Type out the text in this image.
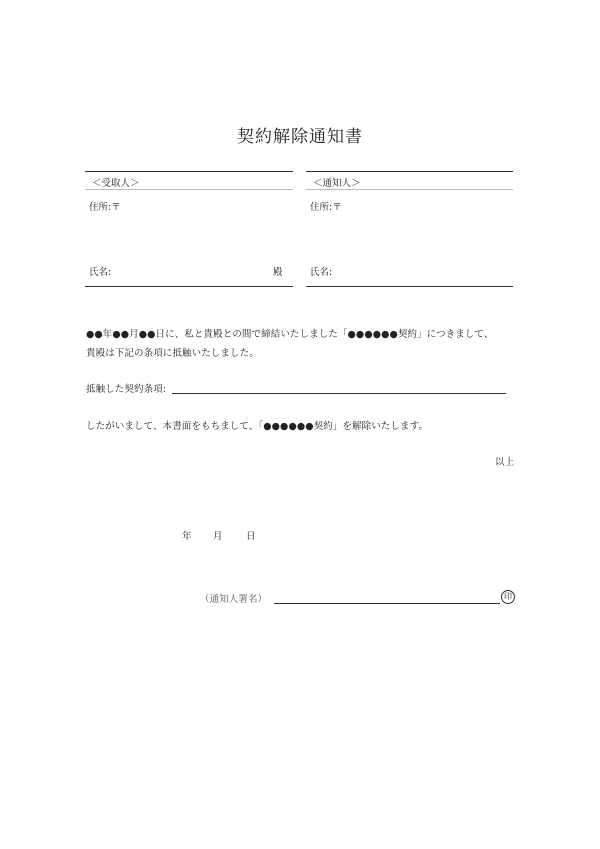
契約解除通知書
＜受取人＞
住所:〒
氏名:	殿
＜通知人＞
住所:〒
氏名:
●●年●●月●●日に、私と貴殿との間で締結いたしました「●●●●●●契約」につきまして、
貴殿は下記の条項に抵触いたしました。
抵触した契約条項:
したがいまして、本書面をもちまして、「●●●●●●契約」を解除いたします。
以上
年 月 日
（通知人署名）	印
